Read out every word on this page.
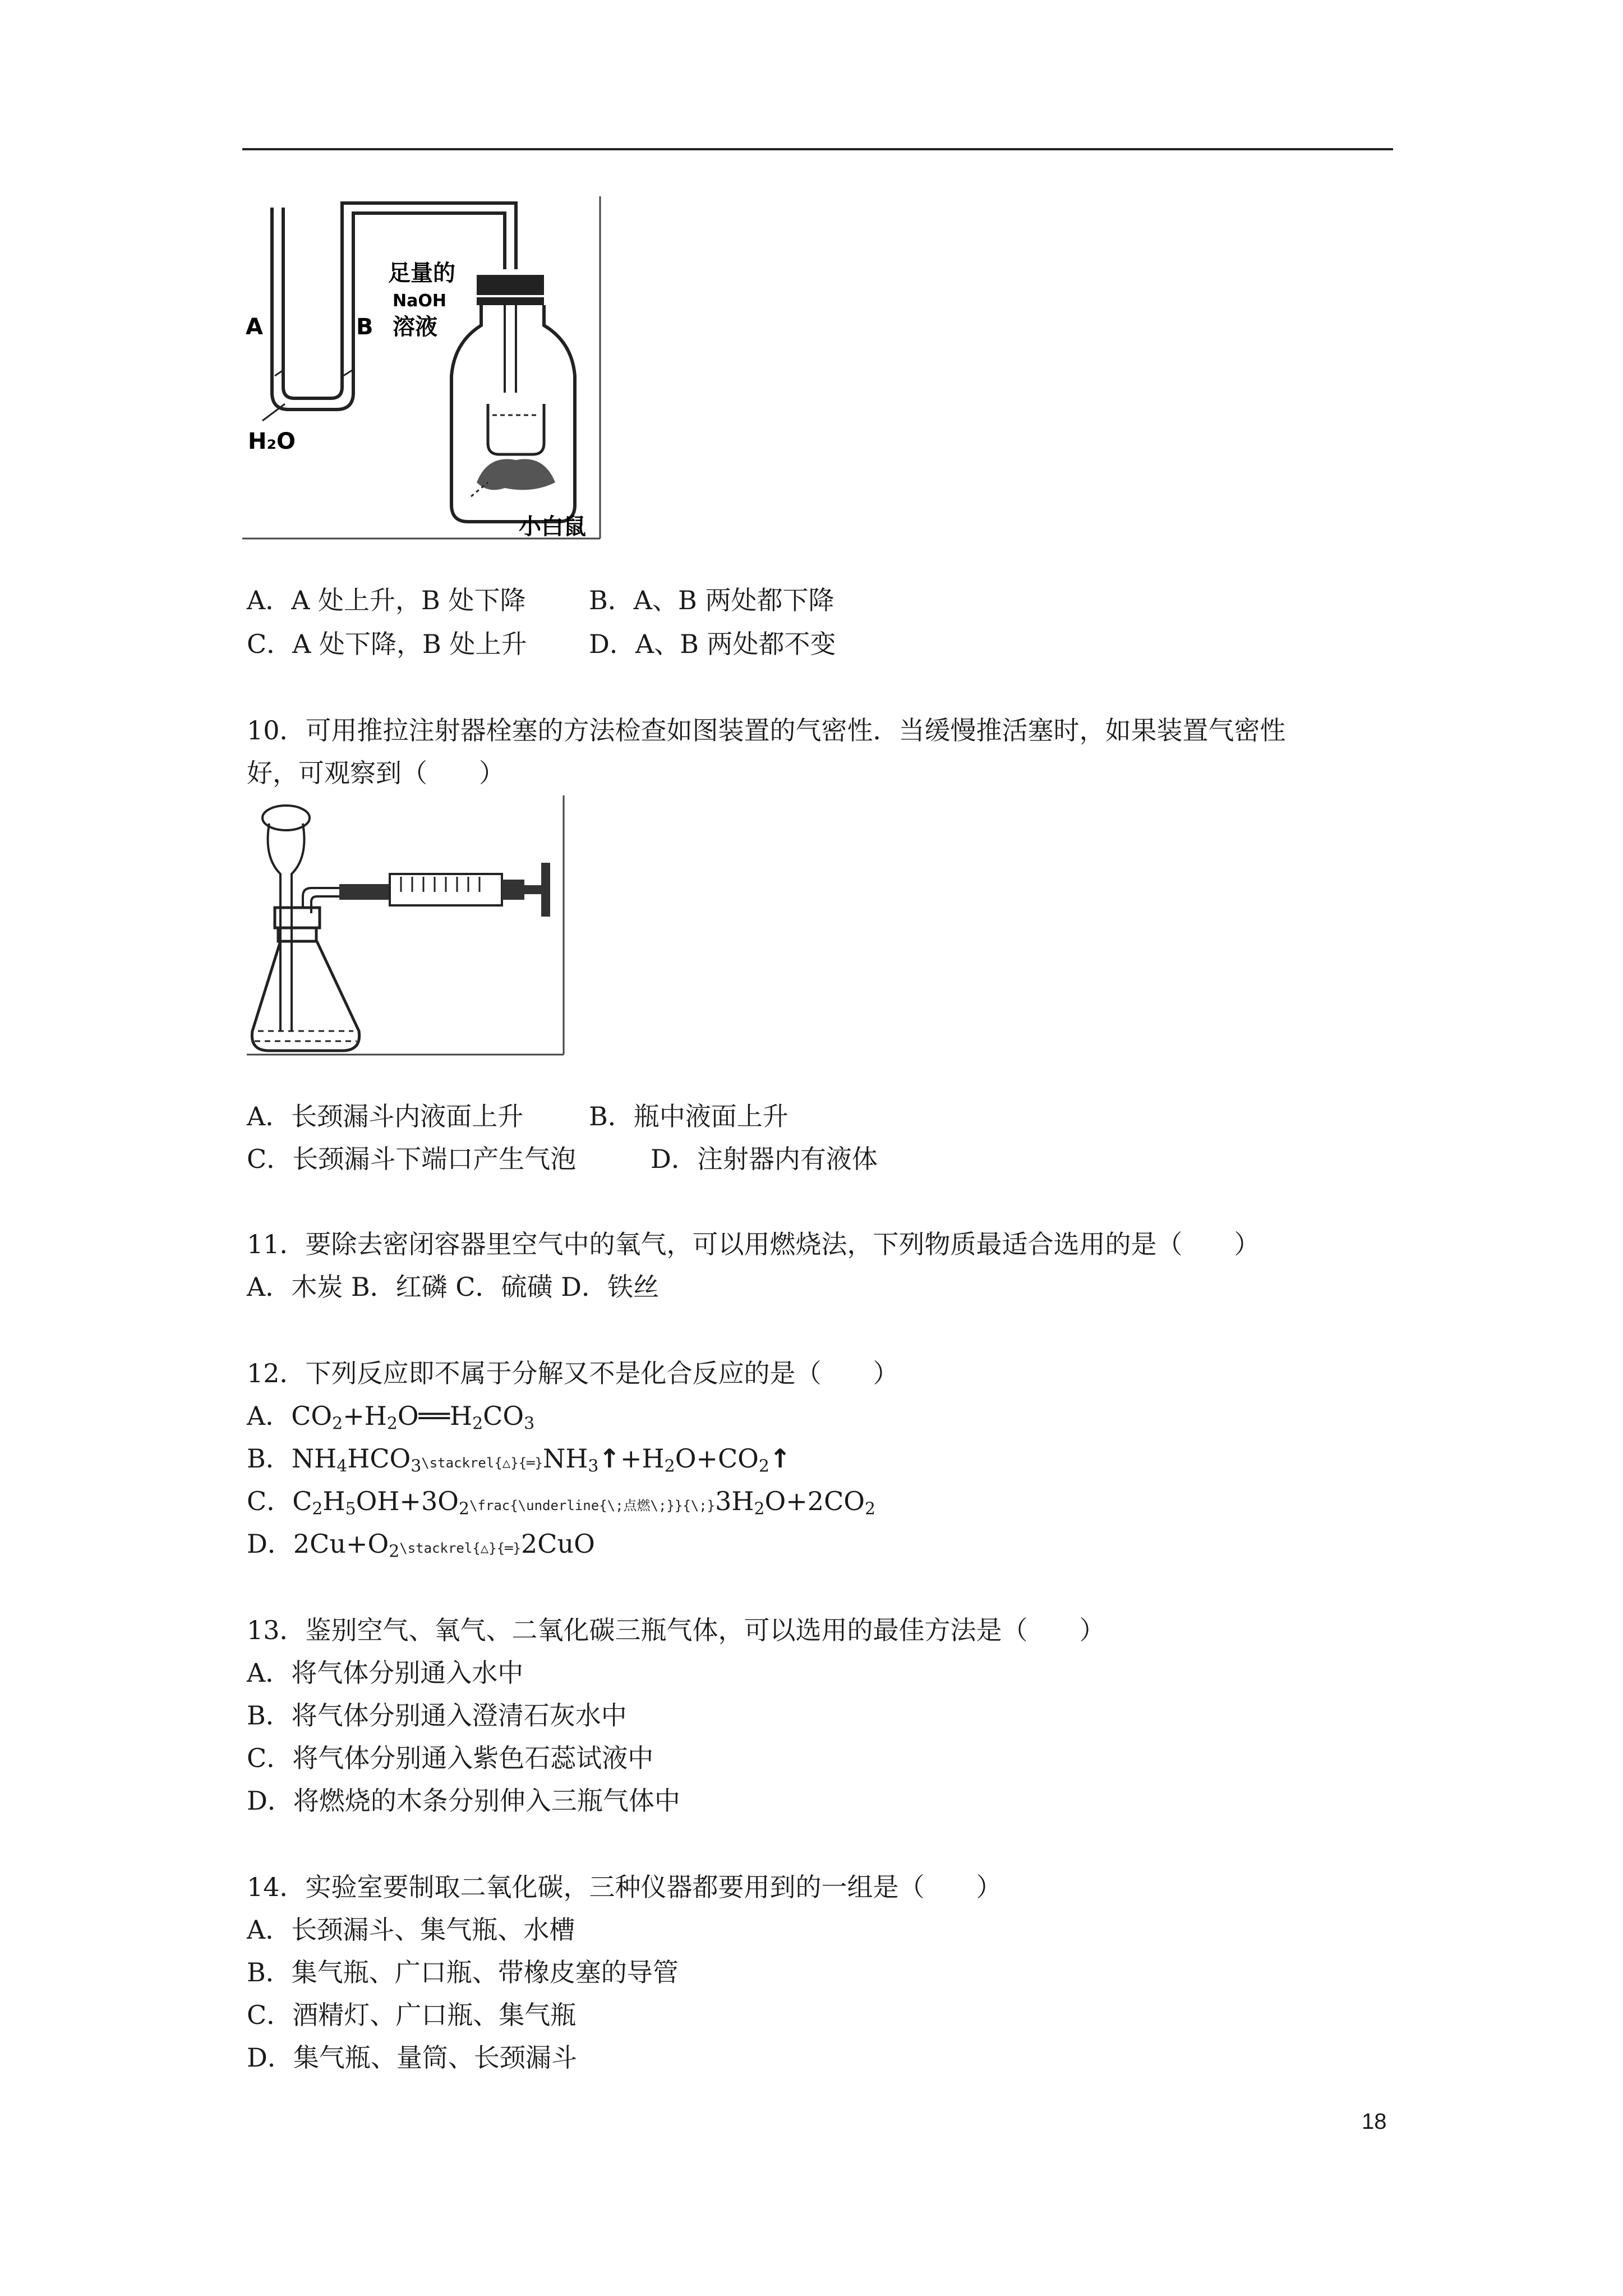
A	B
H₂O
足量的
NaOH
溶液
小白鼠
A．A 处上升，B 处下降 B．A、B 两处都下降
C．A 处下降，B 处上升 D．A、B 两处都不变
10．可用推拉注射器栓塞的方法检查如图装置的气密性．当缓慢推活塞时，如果装置气密性
好，可观察到（　　）
A．长颈漏斗内液面上升	B．瓶中液面上升
C．长颈漏斗下端口产生气泡	D．注射器内有液体
11．要除去密闭容器里空气中的氧气，可以用燃烧法，下列物质最适合选用的是（　　）
A．木炭 B．红磷 C．硫磺 D．铁丝
12．下列反应即不属于分解又不是化合反应的是（　　）
A．$CO_2+H_2O══H_2CO_3$
B．$NH_4HCO_3\backslash stackrel\{\triangle\}\{═\}NH_3↑+H_2O+CO_2↑$
C．$C_2H_5OH+3O_2\backslash frac\{\backslash underline\{\backslash$;点燃$\backslash;\}\}\{\backslash;\}3H_2O+2CO_2$
D．$2Cu+O_2\backslash stackrel\{\triangle\}\{═\}2CuO$
13．鉴别空气、氧气、二氧化碳三瓶气体，可以选用的最佳方法是（　　）
A．将气体分别通入水中
B．将气体分别通入澄清石灰水中
C．将气体分别通入紫色石蕊试液中
D．将燃烧的木条分别伸入三瓶气体中
14．实验室要制取二氧化碳，三种仪器都要用到的一组是（　　）
A．长颈漏斗、集气瓶、水槽
B．集气瓶、广口瓶、带橡皮塞的导管
C．酒精灯、广口瓶、集气瓶
D．集气瓶、量筒、长颈漏斗
18
